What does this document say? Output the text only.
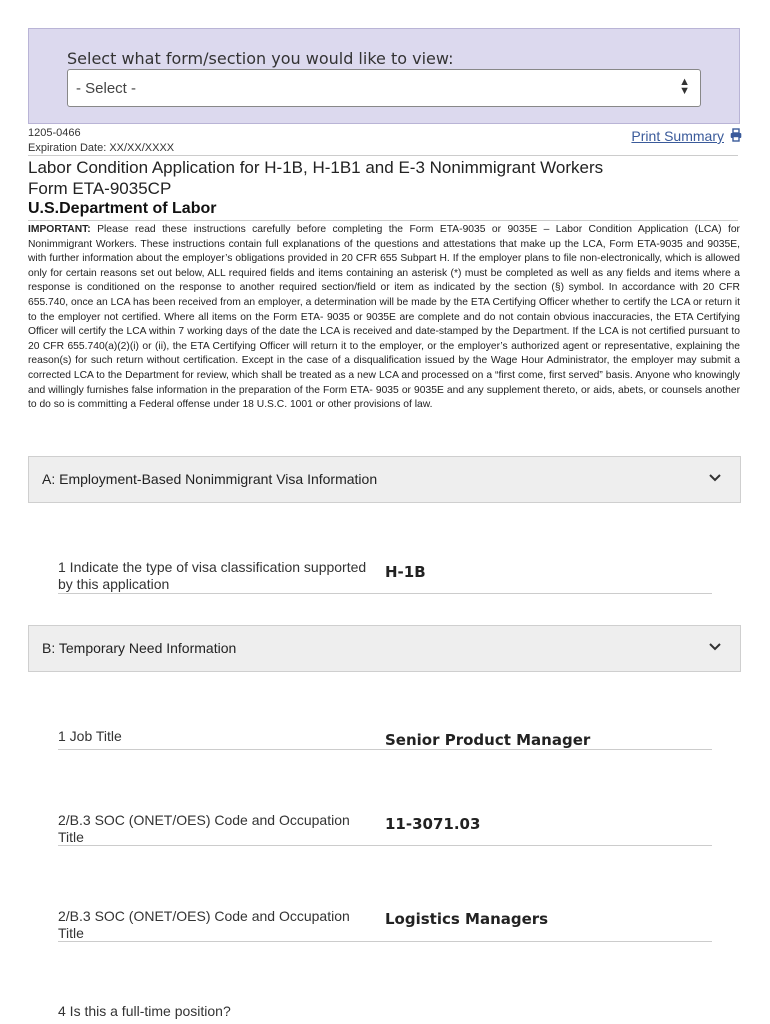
Select what form/section you would like to view:
- Select -	▲
▼
1205-0466
Expiration Date: XX/XX/XXXX
Print Summary
Labor Condition Application for H-1B, H-1B1 and E-3 Nonimmigrant Workers
Form ETA-9035CP
U.S.Department of Labor
IMPORTANT: Please read these instructions carefully before completing the Form ETA-9035 or 9035E – Labor Condition Application (LCA) for Nonimmigrant Workers. These instructions contain full explanations of the questions and attestations that make up the LCA, Form ETA-9035 and 9035E, with further information about the employer’s obligations provided in 20 CFR 655 Subpart H. If the employer plans to file non-electronically, which is allowed only for certain reasons set out below, ALL required fields and items containing an asterisk (*) must be completed as well as any fields and items where a response is conditioned on the response to another required section/field or item as indicated by the section (§) symbol. In accordance with 20 CFR 655.740, once an LCA has been received from an employer, a determination will be made by the ETA Certifying Officer whether to certify the LCA or return it to the employer not certified. Where all items on the Form ETA- 9035 or 9035E are complete and do not contain obvious inaccuracies, the ETA Certifying Officer will certify the LCA within 7 working days of the date the LCA is received and date-stamped by the Department. If the LCA is not certified pursuant to 20 CFR 655.740(a)(2)(i) or (ii), the ETA Certifying Officer will return it to the employer, or the employer’s authorized agent or representative, explaining the reason(s) for such return without certification. Except in the case of a disqualification issued by the Wage Hour Administrator, the employer may submit a corrected LCA to the Department for review, which shall be treated as a new LCA and processed on a “first come, first served” basis. Anyone who knowingly and willingly furnishes false information in the preparation of the Form ETA- 9035 or 9035E and any supplement thereto, or aids, abets, or counsels another to do so is committing a Federal offense under 18 U.S.C. 1001 or other provisions of law.
A: Employment-Based Nonimmigrant Visa Information
1 Indicate the type of visa classification supported by this application
H-1B
B: Temporary Need Information
1 Job Title	Senior Product Manager
2/B.3 SOC (ONET/OES) Code and Occupation Title
11-3071.03
2/B.3 SOC (ONET/OES) Code and Occupation Title
Logistics Managers
4 Is this a full-time position?
